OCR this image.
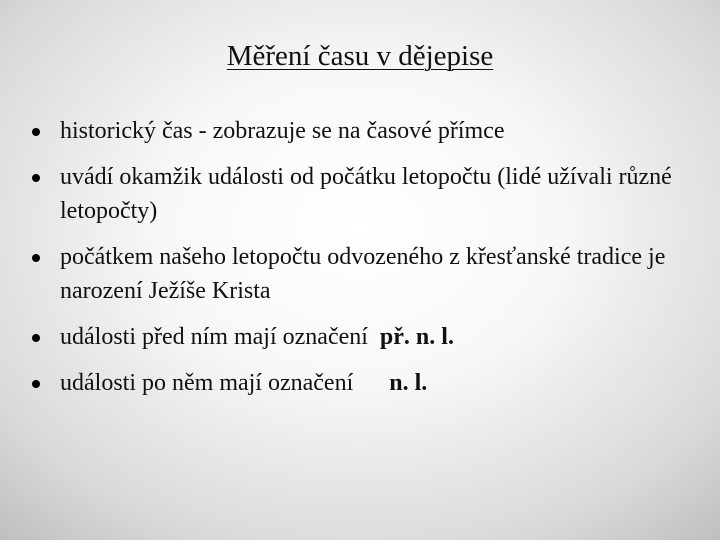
Měření času v dějepise
historický čas - zobrazuje se na časové přímce
uvádí okamžik události od počátku letopočtu (lidé užívali různé letopočty)
počátkem našeho letopočtu odvozeného z křesťanské tradice je narození Ježíše Krista
události před ním mají označení př. n. l.
události po něm mají označení n. l.
